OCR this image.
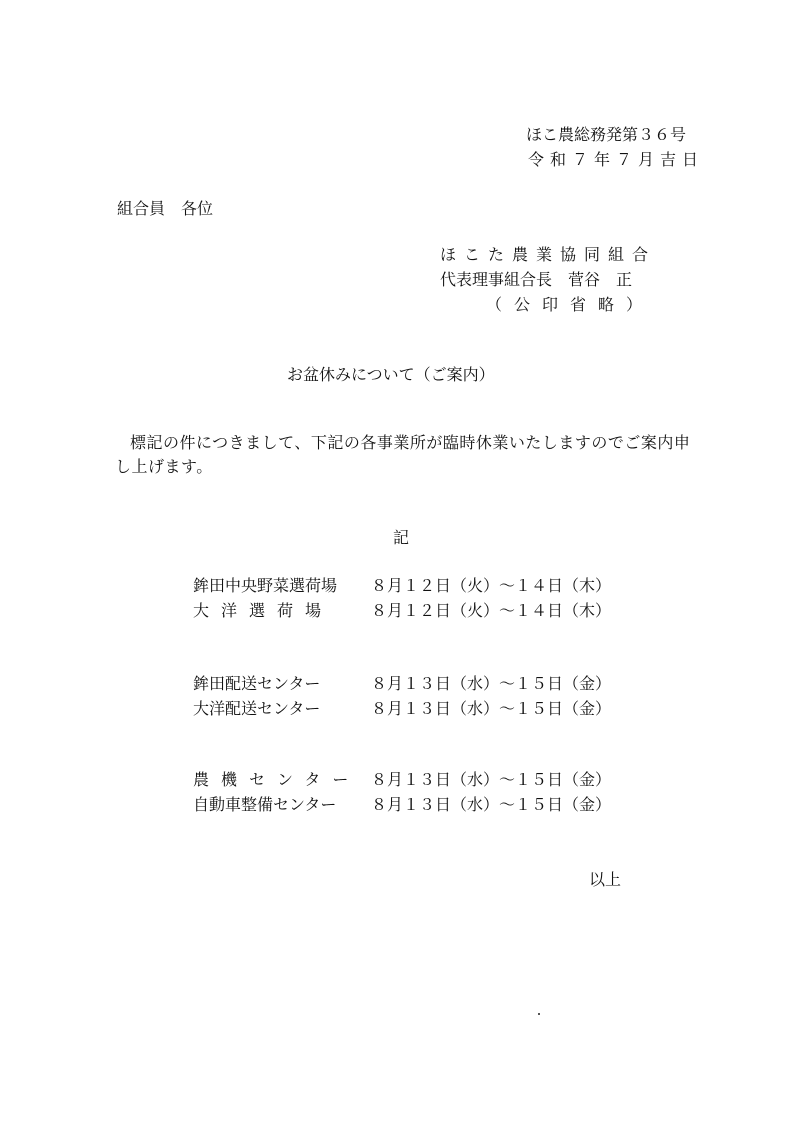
ほこ農総務発第３６号
令和７年７月吉日
組合員　各位
ほこた農業協同組合
代表理事組合長　菅谷　正
（公印省略）
お盆休みについて（ご案内）
標記の件につきまして、下記の各事業所が臨時休業いたしますのでご案内申
し上げます。
記
鉾田中央野菜選荷場 ８月１２日（火）～１４日（木）
大洋選荷場 ８月１２日（火）～１４日（木）
鉾田配送センター	８月１３日（水）～１５日（金）
大洋配送センター	８月１３日（水）～１５日（金）
農機センター ８月１３日（水）～１５日（金）
自動車整備センター ８月１３日（水）～１５日（金）
以上
